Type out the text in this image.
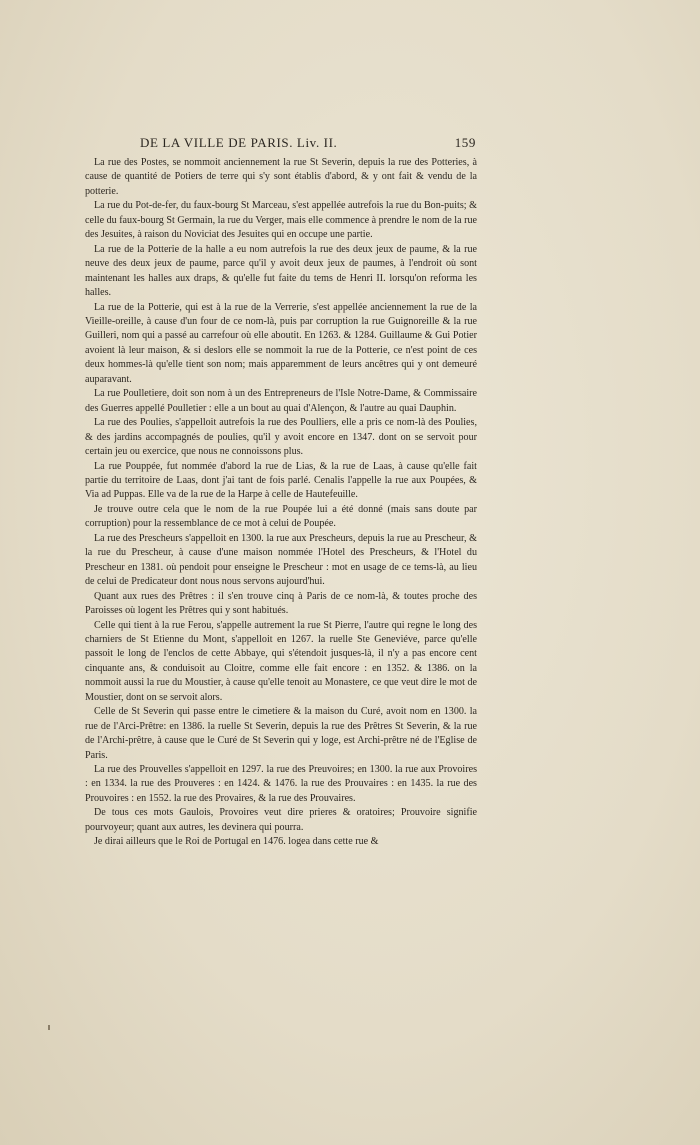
DE LA VILLE DE PARIS. Liv. II.	159

La rue des Postes, se nommoit anciennement la rue St Severin, depuis la rue des Potteries, à cause de quantité de Potiers de terre qui s'y sont établis d'abord, & y ont fait & vendu de la potterie.

La rue du Pot-de-fer, du faux-bourg St Marceau, s'est appellée autrefois la rue du Bon-puits; & celle du faux-bourg St Germain, la rue du Verger, mais elle commence à prendre le nom de la rue des Jesuites, à raison du Noviciat des Jesuites qui en occupe une partie.

La rue de la Potterie de la halle a eu nom autrefois la rue des deux jeux de paume, & la rue neuve des deux jeux de paume, parce qu'il y avoit deux jeux de paumes, à l'endroit où sont maintenant les halles aux draps, & qu'elle fut faite du tems de Henri II. lorsqu'on reforma les halles.

La rue de la Potterie, qui est à la rue de la Verrerie, s'est appellée anciennement la rue de la Vieille-oreille, à cause d'un four de ce nom-là, puis par corruption la rue Guignoreille & la rue Guilleri, nom qui a passé au carrefour où elle aboutit. En 1263. & 1284. Guillaume & Gui Potier avoient là leur maison, & si deslors elle se nommoit la rue de la Potterie, ce n'est point de ces deux hommes-là qu'elle tient son nom; mais apparemment de leurs ancêtres qui y ont demeuré auparavant.

La rue Poulletiere, doit son nom à un des Entrepreneurs de l'Isle Notre-Dame, & Commissaire des Guerres appellé Poulletier : elle a un bout au quai d'Alençon, & l'autre au quai Dauphin.

La rue des Poulies, s'appelloit autrefois la rue des Poulliers, elle a pris ce nom-là des Poulies, & des jardins accompagnés de poulies, qu'il y avoit encore en 1347. dont on se servoit pour certain jeu ou exercice, que nous ne connoissons plus.

La rue Pouppée, fut nommée d'abord la rue de Lias, & la rue de Laas, à cause qu'elle fait partie du territoire de Laas, dont j'ai tant de fois parlé. Cenalis l'appelle la rue aux Poupées, & Via ad Puppas. Elle va de la rue de la Harpe à celle de Hautefeuille.

Je trouve outre cela que le nom de la rue Poupée lui a été donné (mais sans doute par corruption) pour la ressemblance de ce mot à celui de Poupée.

La rue des Prescheurs s'appelloit en 1300. la rue aux Prescheurs, depuis la rue au Prescheur, & la rue du Prescheur, à cause d'une maison nommée l'Hotel des Prescheurs, & l'Hotel du Prescheur en 1381. où pendoit pour enseigne le Prescheur : mot en usage de ce tems-là, au lieu de celui de Predicateur dont nous nous servons aujourd'hui.

Quant aux rues des Prêtres : il s'en trouve cinq à Paris de ce nom-là, & toutes proche des Paroisses où logent les Prêtres qui y sont habitués.

Celle qui tient à la rue Ferou, s'appelle autrement la rue St Pierre, l'autre qui regne le long des charniers de St Etienne du Mont, s'appelloit en 1267. la ruelle Ste Geneviéve, parce qu'elle passoit le long de l'enclos de cette Abbaye, qui s'étendoit jusques-là, il n'y a pas encore cent cinquante ans, & conduisoit au Cloitre, comme elle fait encore : en 1352. & 1386. on la nommoit aussi la rue du Moustier, à cause qu'elle tenoit au Monastere, ce que veut dire le mot de Moustier, dont on se servoit alors.

Celle de St Severin qui passe entre le cimetiere & la maison du Curé, avoit nom en 1300. la rue de l'Arci-Prêtre: en 1386. la ruelle St Severin, depuis la rue des Prêtres St Severin, & la rue de l'Archi-prêtre, à cause que le Curé de St Severin qui y loge, est Archi-prêtre né de l'Eglise de Paris.

La rue des Prouvelles s'appelloit en 1297. la rue des Preuvoires; en 1300. la rue aux Provoires : en 1334. la rue des Prouveres : en 1424. & 1476. la rue des Prouvaires : en 1435. la rue des Prouvoires : en 1552. la rue des Provaires, & la rue des Prouvaires.

De tous ces mots Gaulois, Provoires veut dire prieres & oratoires; Prouvoire signifie pourvoyeur; quant aux autres, les devinera qui pourra.

Je dirai ailleurs que le Roi de Portugal en 1476. logea dans cette rue &
